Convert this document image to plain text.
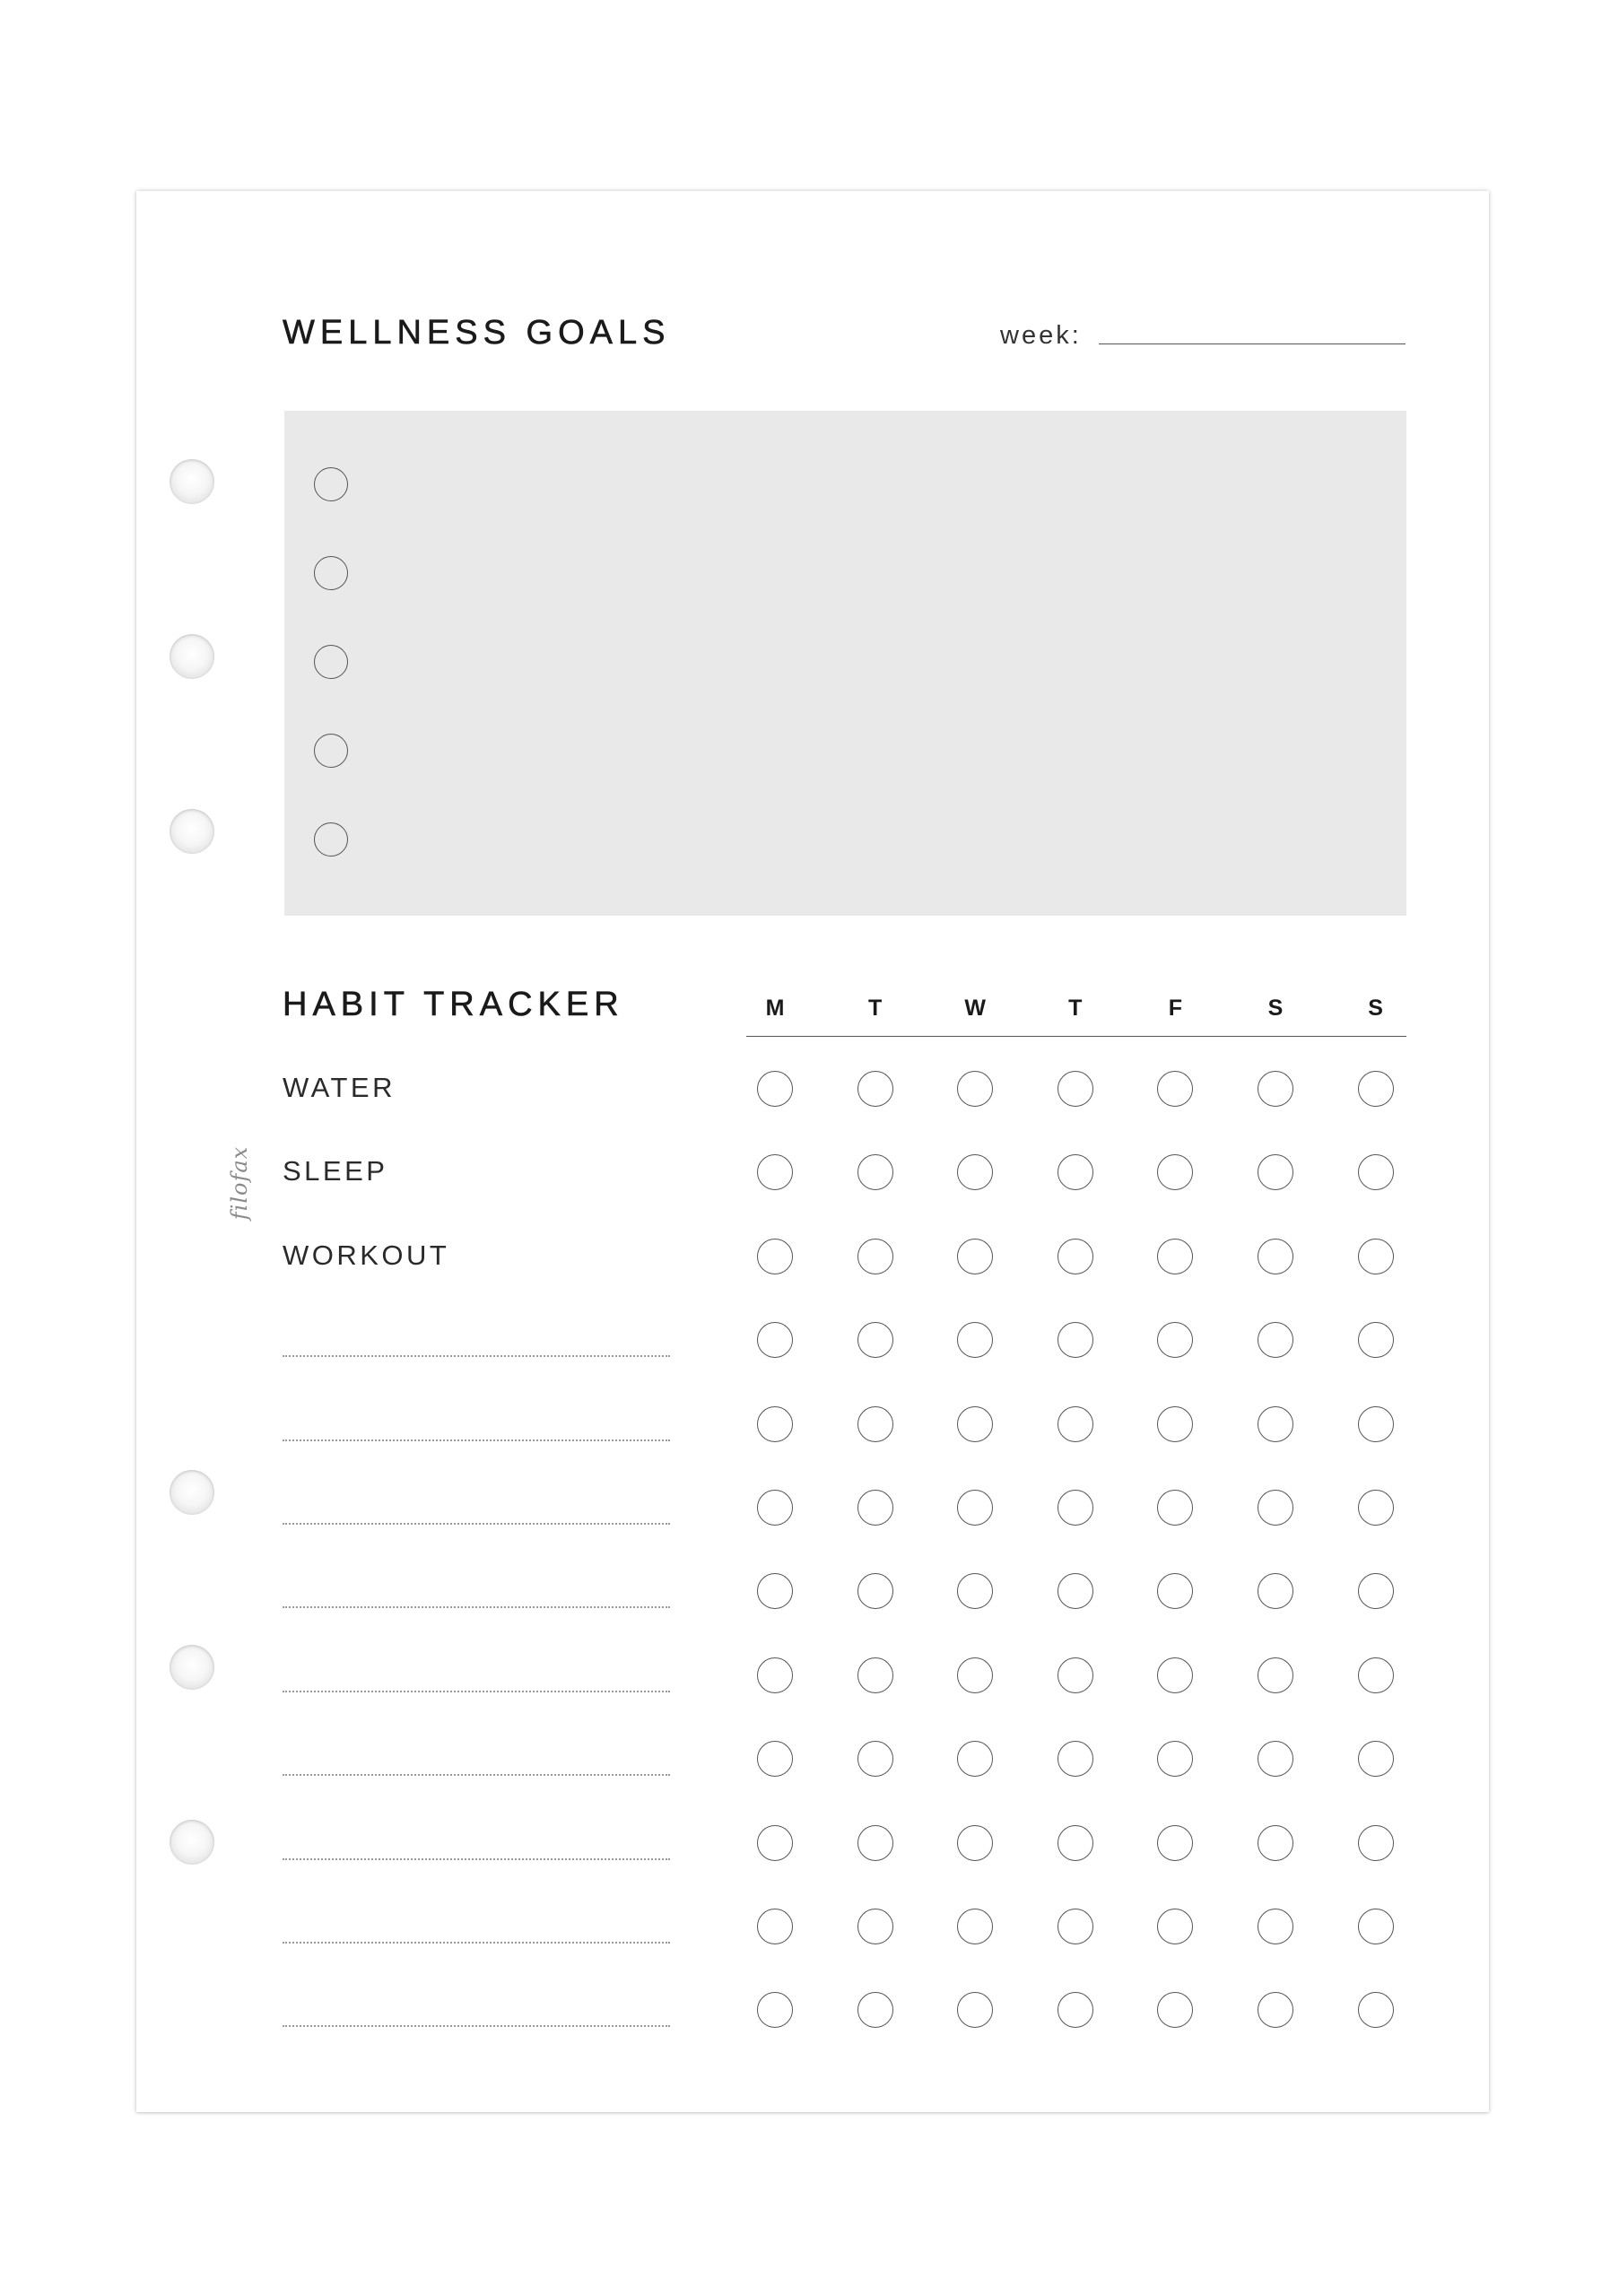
filofax
WELLNESS GOALS	week:
HABIT TRACKER	M	T	W	T	F	S	S
WATER
SLEEP
WORKOUT
